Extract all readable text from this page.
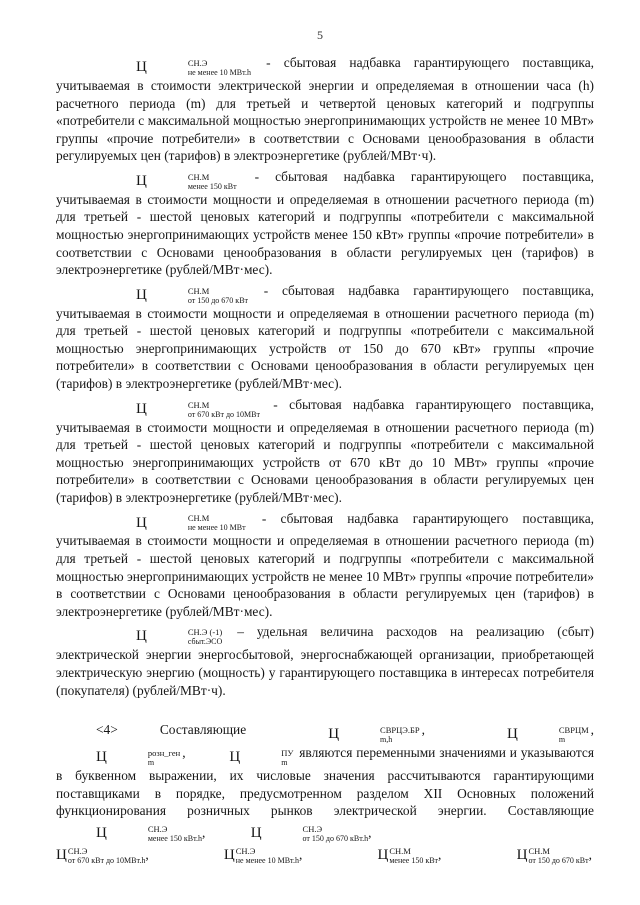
5

Ц	СН.Э
не менее 10 МВт.h
- сбытовая надбавка гарантирующего поставщика, учитываемая в стоимости электрической энергии и определяемая в отношении часа (h) расчетного периода (m) для третьей и четвертой ценовых категорий и подгруппы «потребители с максимальной мощностью энергопринимающих устройств не менее 10 МВт» группы «прочие потребители» в соответствии с Основами ценообразования в области регулируемых цен (тарифов) в электроэнергетике (рублей/МВт·ч).

Ц	СН.М
менее 150 кВт
- сбытовая надбавка гарантирующего поставщика, учитываемая в стоимости мощности и определяемая в отношении расчетного периода (m) для третьей - шестой ценовых категорий и подгруппы «потребители с максимальной мощностью энергопринимающих устройств менее 150 кВт» группы «прочие потребители» в соответствии с Основами ценообразования в области регулируемых цен (тарифов) в электроэнергетике (рублей/МВт·мес).

Ц	СН.М
от 150 до 670 кВт
- сбытовая надбавка гарантирующего поставщика, учитываемая в стоимости мощности и определяемая в отношении расчетного периода (m) для третьей - шестой ценовых категорий и подгруппы «потребители с максимальной мощностью энергопринимающих устройств от 150 до 670 кВт» группы «прочие потребители» в соответствии с Основами ценообразования в области регулируемых цен (тарифов) в электроэнергетике (рублей/МВт·мес).

Ц	СН.М
от 670 кВт до 10МВт
- сбытовая надбавка гарантирующего поставщика, учитываемая в стоимости мощности и определяемая в отношении расчетного периода (m) для третьей - шестой ценовых категорий и подгруппы «потребители с максимальной мощностью энергопринимающих устройств от 670 кВт до 10 МВт» группы «прочие потребители» в соответствии с Основами ценообразования в области регулируемых цен (тарифов) в электроэнергетике (рублей/МВт·мес).

Ц	СН.М
не менее 10 МВт
- сбытовая надбавка гарантирующего поставщика, учитываемая в стоимости мощности и определяемая в отношении расчетного периода (m) для третьей - шестой ценовых категорий и подгруппы «потребители с максимальной мощностью энергопринимающих устройств не менее 10 МВт» группы «прочие потребители» в соответствии с Основами ценообразования в области регулируемых цен (тарифов) в электроэнергетике (рублей/МВт·мес).

Ц	СН.Э (-1)
сбыт.ЭСО
– удельная величина расходов на реализацию (сбыт) электрической энергии энергосбытовой, энергоснабжающей организации, приобретающей электрическую энергию (мощность) у гарантирующего поставщика в интересах потребителя (покупателя) (рублей/МВт·ч).

<4> Составляющие	Ц	СВРЦЭ.БР
m,h
,	Ц	СВРЦМ
m
, Ц	розн_ген
m
,	Ц	ПУ
m
являются переменными значениями и указываются в буквенном выражении, их числовые значения рассчитываются гарантирующими поставщиками в порядке, предусмотренном разделом XII Основных положений функционирования розничных рынков электрической энергии. Составляющие Ц	СН.Э
менее 150 кВт.h ,	Ц	СН.Э
от 150 до 670 кВт.h ,

Ц СН.Э
от 670 кВт до 10МВт.h ,	Ц СН.Э
не менее 10 МВт.h ,	Ц СН.М
менее 150 кВт ,	Ц СН.М
от 150 до 670 кВт ,
